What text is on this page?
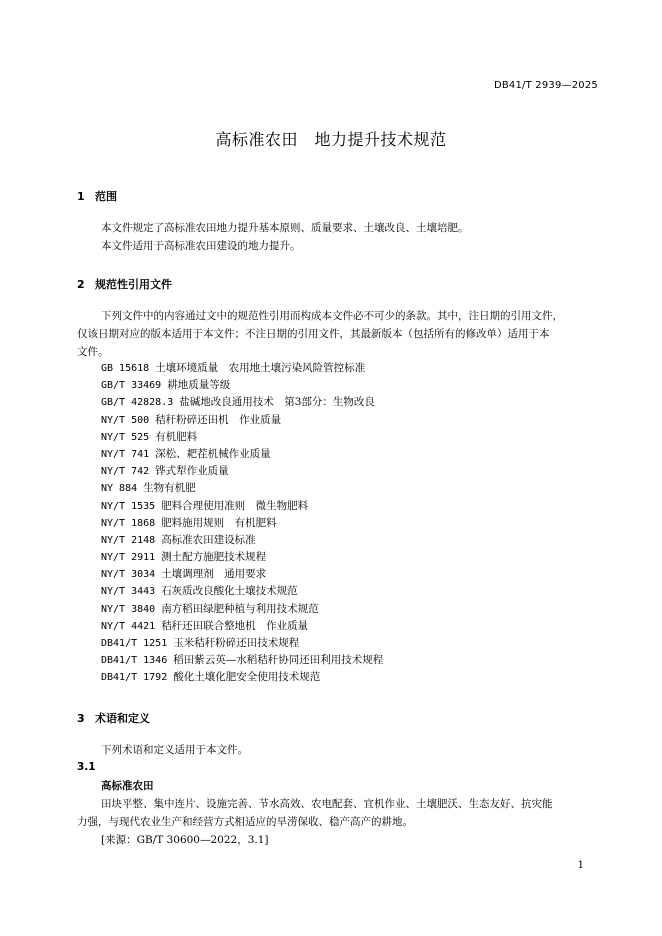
DB41/T 2939—2025
高标准农田　地力提升技术规范
1 范围
本文件规定了高标准农田地力提升基本原则、质量要求、土壤改良、土壤培肥。
本文件适用于高标准农田建设的地力提升。
2 规范性引用文件
下列文件中的内容通过文中的规范性引用而构成本文件必不可少的条款。其中，注日期的引用文件，
仅该日期对应的版本适用于本文件；不注日期的引用文件，其最新版本（包括所有的修改单）适用于本
文件。
GB 15618 土壤环境质量　农用地土壤污染风险管控标准
GB/T 33469 耕地质量等级
GB/T 42828.3 盐碱地改良通用技术　第3部分：生物改良
NY/T 500 秸秆粉碎还田机　作业质量
NY/T 525 有机肥料
NY/T 741 深松、耙茬机械作业质量
NY/T 742 铧式犁作业质量
NY 884 生物有机肥
NY/T 1535 肥料合理使用准则　微生物肥料
NY/T 1868 肥料施用规则　有机肥料
NY/T 2148 高标准农田建设标准
NY/T 2911 测土配方施肥技术规程
NY/T 3034 土壤调理剂　通用要求
NY/T 3443 石灰质改良酸化土壤技术规范
NY/T 3840 南方稻田绿肥种植与利用技术规范
NY/T 4421 秸秆还田联合整地机　作业质量
DB41/T 1251 玉米秸秆粉碎还田技术规程
DB41/T 1346 稻田紫云英—水稻秸秆协同还田利用技术规程
DB41/T 1792 酸化土壤化肥安全使用技术规范
3 术语和定义
下列术语和定义适用于本文件。
3.1
高标准农田
田块平整、集中连片、设施完善、节水高效、农电配套、宜机作业、土壤肥沃、生态友好、抗灾能
力强，与现代农业生产和经营方式相适应的旱涝保收、稳产高产的耕地。
[来源：GB/T 30600—2022，3.1]
1
